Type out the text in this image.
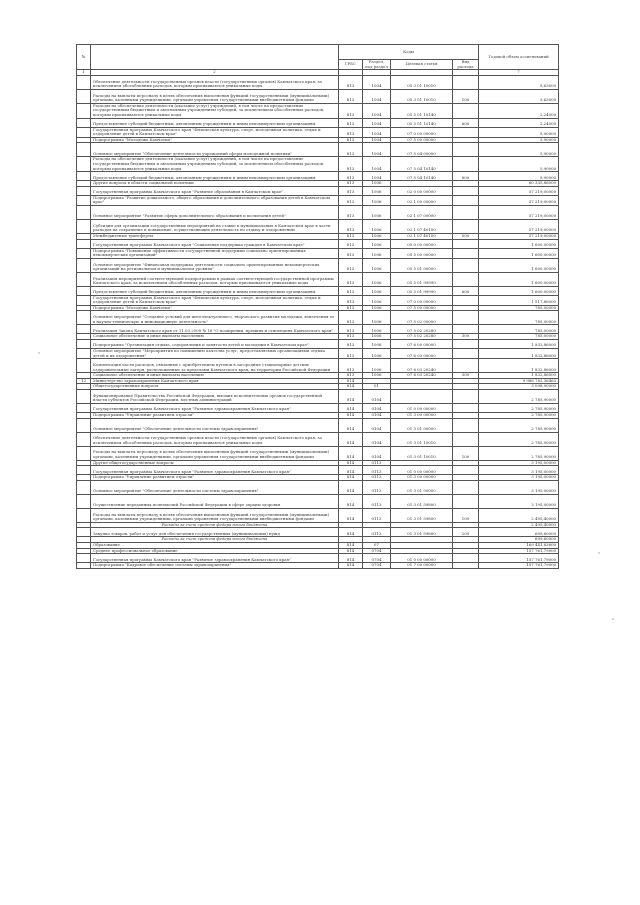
№		Коды				Годовой объем ассигнований
		ГРБС	Раздел, под раздел	Целевая статья	Вид расхода	
1	2					7
	Обеспечение деятельности государственных органов власти (государственных органов) Камчатского края, за исключением обособленных расходов, которым присваиваются уникальные коды	813	1004	05 3 01 10010		5,63000
	Расходы на выплаты персоналу в целях обеспечения выполнения функций государственными (муниципальными) органами, казенными учреждениями, органами управления государственными внебюджетными фондами	813	1004	05 3 01 10010	100	5,63000
	Расходы на обеспечение деятельности (оказание услуг) учреждений, в том числе на предоставление государственным бюджетным и автономным учреждениям субсидий, за исключением обособленных расходов, которым присваиваются уникальные коды	813	1004	05 5 01 10140		2,24000
	Предоставление субсидий бюджетным, автономным учреждениям и иным некоммерческим организациям	813	1004	05 5 01 10140	600	2,24000
	Государственная программа Камчатского края "Физическая культура, спорт, молодежная политика, отдых и оздоровление детей в Камчатском крае"	813	1004	07 0 00 00000		5,90000
	Подпрограмма "Молодежь Камчатки"	813	1004	07 5 00 00000		5,90000
	Основное мероприятие "Обеспечение деятельности учреждений сферы молодежной политики"	813	1004	07 5 04 00000		5,90000
	Расходы на обеспечение деятельности (оказание услуг) учреждений, в том числе на предоставление государственным бюджетным и автономным учреждениям субсидий, за исключением обособленных расходов, которым присваиваются уникальные коды	813	1004	07 5 04 10140		5,90000
	Предоставление субсидий бюджетным, автономным учреждениям и иным некоммерческим организациям	813	1004	07 5 04 10140	600	5,90000
	Другие вопросы в области социальной политики	813	1006			60 335,86000
	Государственная программа Камчатского края "Развитие образования в Камчатском крае"	813	1006	02 0 00 00000		57 219,00000
	Подпрограмма "Развитие дошкольного, общего образования и дополнительного образования детей в Камчатском крае"	813	1006	02 1 00 00000		57 219,00000
	Основное мероприятие "Развитие сферы дополнительного образования и воспитания детей"	813	1006	02 1 07 00000		57 219,00000
	Субсидии для организации государственных мероприятий на ставке в муниципальных в Камчатском крае в части расходов на сохранение и повышение, осуществляющих деятельность по отдыху и оздоровлению	813	1006	02 1 07 40150		57 219,00000
	Межбюджетные трансферты	813	1006	02 1 07 40150	500	57 219,00000
	Государственная программа Камчатского края "Социальная поддержка граждан в Камчатском крае"	813	1006	05 0 00 00000		1 600,00000
	Подпрограмма "Повышение эффективности государственной поддержки социально ориентированных некоммерческих организаций"	813	1006	05 5 00 00000		1 600,00000
	Основное мероприятие "Финансовая поддержка деятельности социально ориентированных некоммерческих организаций на региональном и муниципальном уровнях"	813	1006	05 5 01 00000		1 600,00000
	Реализация мероприятий соответствующей подпрограммы в рамках соответствующей государственной программы Камчатского края, за исключением обособленных расходов, которым присваиваются уникальные коды	813	1006	05 5 01 99990		1 600,00000
	Предоставление субсидий бюджетным, автономным учреждениям и иным некоммерческим организациям	813	1006	05 5 01 99990	600	1 600,00000
	Государственная программа Камчатского края "Физическая культура, спорт, молодежная политика, отдых и оздоровление детей в Камчатском крае"	813	1006	07 0 00 00000		1 517,86000
	Подпрограмма "Молодежь Камчатки"	813	1006	07 5 00 00000		785,00000
	Основное мероприятие "Создание условий для интеллектуального, творческого развития молодежи, вовлечения ее в научно-техническую и инновационную деятельность"	813	1006	07 5 02 00000		785,00000
	Реализация Закона Камчатского края от 11.03.2008 № 16 "О поощрении, премиях и стипендиях Камчатского края"	813	1006	07 5 02 20280		785,00000
	Социальное обеспечение и иные выплаты населению	813	1006	07 5 02 20280	300	785,00000
	Подпрограмма "Организация отдыха, оздоровления и занятости детей и молодежи в Камчатском крае"	813	1006	07 6 00 00000		1 832,86000
	Основное мероприятие "Мероприятия по повышению качества услуг, предоставляемых организациями отдыха детей и их оздоровления"	813	1006	07 6 03 00000		1 832,86000
	Компенсация части расходов, связанных с приобретением путевок в загородные стационарные детские оздоровительные лагеря, расположенные за пределами Камчатского края, на территории Российской Федерации	813	1006	07 6 03 20240		1 832,86000
	Социальное обеспечение и иные выплаты населению	813	1006	07 6 03 20240	300	1 832,86000
12	Министерство здравоохранения Камчатского края	814				9 988 782,36463
	Общегосударственные вопросы	814	01			3 098,90000
	Функционирование Правительства Российской Федерации, высших исполнительных органов государственной власти субъектов Российской Федерации, местных администраций	814	0104			2 785,90000
	Государственная программа Камчатского края "Развитие здравоохранения Камчатского края"	814	0104	01 0 00 00000		2 785,90000
	Подпрограмма "Управление развитием отрасли"	814	0104	01 3 00 00000		2 785,90000
	Основное мероприятие "Обеспечение деятельности системы здравоохранения"	814	0104	01 3 01 00000		2 785,90000
	Обеспечение деятельности государственных органов власти (государственных органов) Камчатского края, за исключением обособленных расходов, которым присваиваются уникальные коды	814	0104	01 3 01 10010		2 785,90000
	Расходы на выплаты персоналу в целях обеспечения выполнения функций государственными (муниципальными) органами, казенными учреждениями, органами управления государственными внебюджетными фондами	814	0104	01 3 01 10010	100	2 785,90000
	Другие общегосударственные вопросы	814	0113			3 195,00000
	Государственная программа Камчатского края "Развитие здравоохранения Камчатского края"	814	0113	01 0 00 00000		3 195,00000
	Подпрограмма "Управление развитием отрасли"	814	0113	01 3 00 00000		3 195,00000
	Основное мероприятие "Обеспечение деятельности системы здравоохранения"	814	0113	01 3 01 00000		3 195,00000
	Осуществление переданных полномочий Российской Федерации в сфере охраны здоровья	814	0113	01 3 01 59800		3 195,00000
	Расходы на выплаты персоналу в целях обеспечения выполнения функций государственными (муниципальными) органами, казенными учреждениями, органами управления государственными внебюджетными фондами	814	0113	01 3 01 59800	100	2 495,40000
	Расходы за счет средств федерального бюджета					2 495,40000
	Закупка товаров, работ и услуг для обеспечения государственных (муниципальных) нужд	814	0113	01 3 01 59800	200	699,60000
	Расходы за счет средств федерального бюджета					699,60000
	Образование	814	07			169 441,83600
	Среднее профессиональное образование	814	0704			157 761,79000
	Государственная программа Камчатского края "Развитие здравоохранения Камчатского края"	814	0704	01 0 00 00000		157 761,79000
	Подпрограмма "Кадровое обеспечение системы здравоохранения"	814	0704	01 7 00 00000		157 761,79000
